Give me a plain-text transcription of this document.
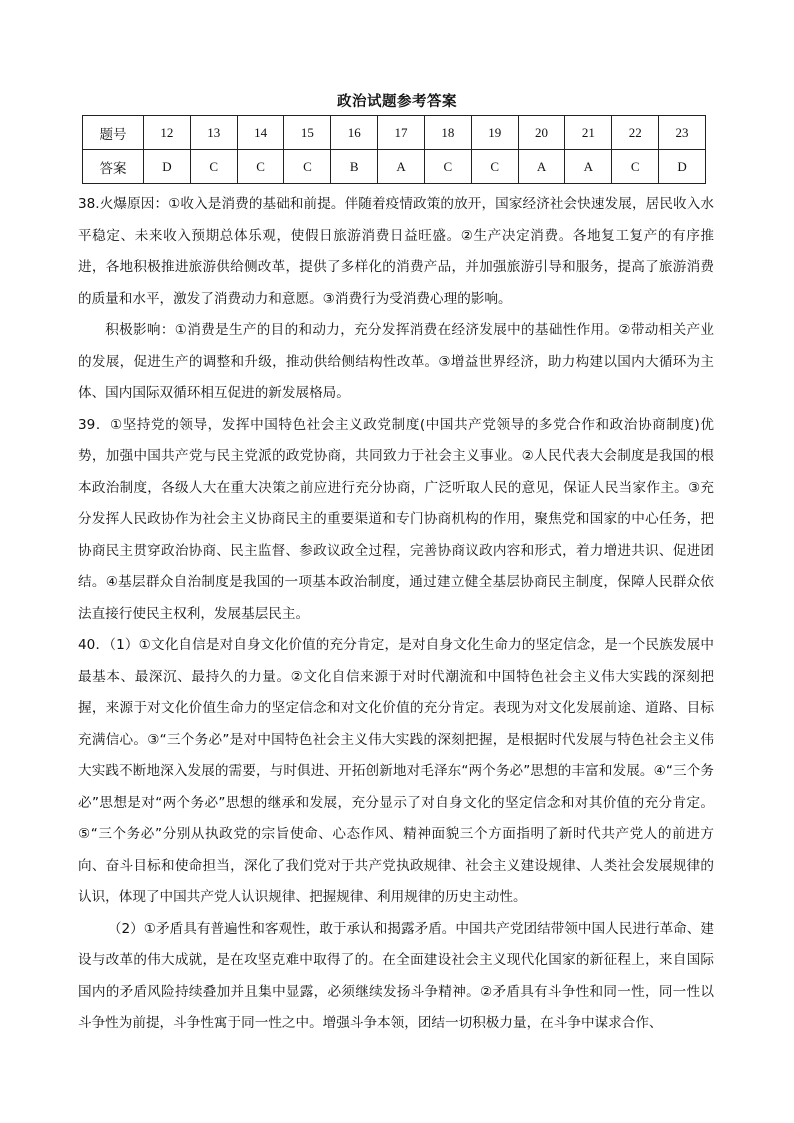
政治试题参考答案
题号	12	13	14	15	16	17	18	19	20	21	22	23
答案	D	C	C	C	B	A	C	C	A	A	C	D

38.火爆原因：①收入是消费的基础和前提。伴随着疫情政策的放开，国家经济社会快速发展，居民收入水平稳定、未来收入预期总体乐观，使假日旅游消费日益旺盛。②生产决定消费。各地复工复产的有序推进，各地积极推进旅游供给侧改革，提供了多样化的消费产品，并加强旅游引导和服务，提高了旅游消费的质量和水平，激发了消费动力和意愿。③消费行为受消费心理的影响。

积极影响：①消费是生产的目的和动力，充分发挥消费在经济发展中的基础性作用。②带动相关产业的发展，促进生产的调整和升级，推动供给侧结构性改革。③增益世界经济，助力构建以国内大循环为主体、国内国际双循环相互促进的新发展格局。

39．①坚持党的领导，发挥中国特色社会主义政党制度(中国共产党领导的多党合作和政治协商制度)优势，加强中国共产党与民主党派的政党协商，共同致力于社会主义事业。②人民代表大会制度是我国的根本政治制度，各级人大在重大决策之前应进行充分协商，广泛听取人民的意见，保证人民当家作主。③充分发挥人民政协作为社会主义协商民主的重要渠道和专门协商机构的作用，聚焦党和国家的中心任务，把协商民主贯穿政治协商、民主监督、参政议政全过程，完善协商议政内容和形式，着力增进共识、促进团结。④基层群众自治制度是我国的一项基本政治制度，通过建立健全基层协商民主制度，保障人民群众依法直接行使民主权利，发展基层民主。

40．（1）①文化自信是对自身文化价值的充分肯定，是对自身文化生命力的坚定信念，是一个民族发展中最基本、最深沉、最持久的力量。②文化自信来源于对时代潮流和中国特色社会主义伟大实践的深刻把握，来源于对文化价值生命力的坚定信念和对文化价值的充分肯定。表现为对文化发展前途、道路、目标充满信心。③“三个务必”是对中国特色社会主义伟大实践的深刻把握，是根据时代发展与特色社会主义伟大实践不断地深入发展的需要，与时俱进、开拓创新地对毛泽东“两个务必”思想的丰富和发展。④“三个务必”思想是对“两个务必”思想的继承和发展，充分显示了对自身文化的坚定信念和对其价值的充分肯定。⑤“三个务必”分别从执政党的宗旨使命、心态作风、精神面貌三个方面指明了新时代共产党人的前进方向、奋斗目标和使命担当，深化了我们党对于共产党执政规律、社会主义建设规律、人类社会发展规律的认识，体现了中国共产党人认识规律、把握规律、利用规律的历史主动性。

（2）①矛盾具有普遍性和客观性，敢于承认和揭露矛盾。中国共产党团结带领中国人民进行革命、建设与改革的伟大成就，是在攻坚克难中取得了的。在全面建设社会主义现代化国家的新征程上，来自国际国内的矛盾风险持续叠加并且集中显露，必须继续发扬斗争精神。②矛盾具有斗争性和同一性，同一性以斗争性为前提，斗争性寓于同一性之中。增强斗争本领，团结一切积极力量，在斗争中谋求合作、
